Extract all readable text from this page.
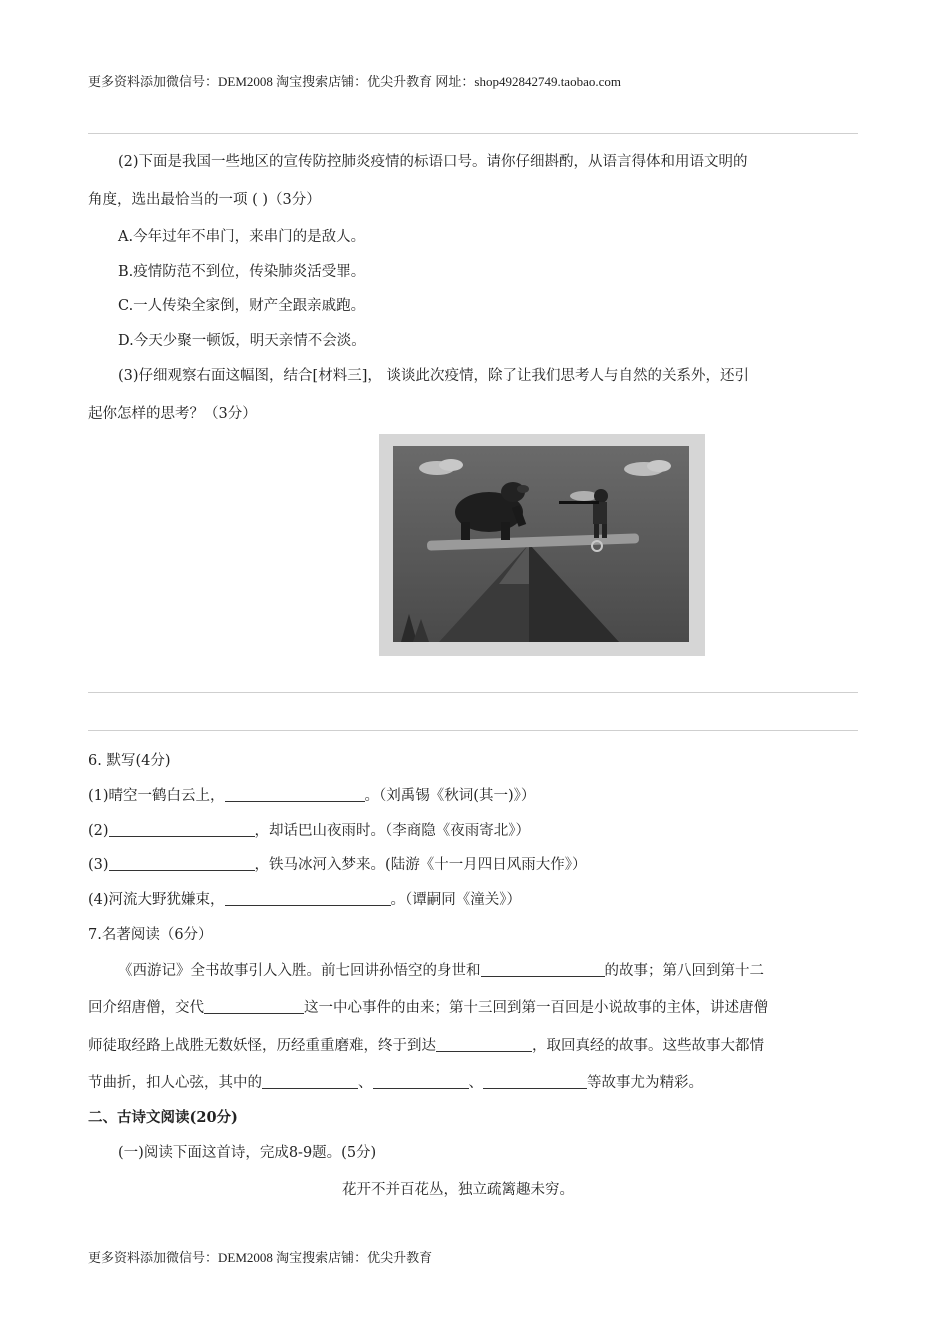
更多资料添加微信号：DEM2008 淘宝搜索店铺：优尖升教育 网址：shop492842749.taobao.com
(2)下面是我国一些地区的宣传防控肺炎疫情的标语口号。请你仔细斟酌，从语言得体和用语文明的
角度，选出最恰当的一项 ( )（3分）
A.今年过年不串门，来串门的是敌人。
B.疫情防范不到位，传染肺炎活受罪。
C.一人传染全家倒，财产全跟亲戚跑。
D.今天少聚一顿饭，明天亲情不会淡。
(3)仔细观察右面这幅图，结合[材料三]， 谈谈此次疫情，除了让我们思考人与自然的关系外，还引
起你怎样的思考？（3分）
6. 默写(4分)
(1)晴空一鹤白云上，	。（刘禹锡《秋词(其一)》）
(2)	，却话巴山夜雨时。（李商隐《夜雨寄北》）
(3)	，铁马冰河入梦来。(陆游《十一月四日风雨大作》）
(4)河流大野犹嫌束，	。（谭嗣同《潼关》）
7.名著阅读（6分）
《西游记》全书故事引人入胜。前七回讲孙悟空的身世和	的故事；第八回到第十二
回介绍唐僧，交代	这一中心事件的由来；第十三回到第一百回是小说故事的主体，讲述唐僧
师徒取经路上战胜无数妖怪，历经重重磨难，终于到达	，取回真经的故事。这些故事大都情
节曲折，扣人心弦，其中的	、	、	等故事尤为精彩。
二、古诗文阅读(20分)
(一)阅读下面这首诗，完成8-9题。(5分)
花开不并百花丛，独立疏篱趣未穷。
更多资料添加微信号：DEM2008 淘宝搜索店铺：优尖升教育
